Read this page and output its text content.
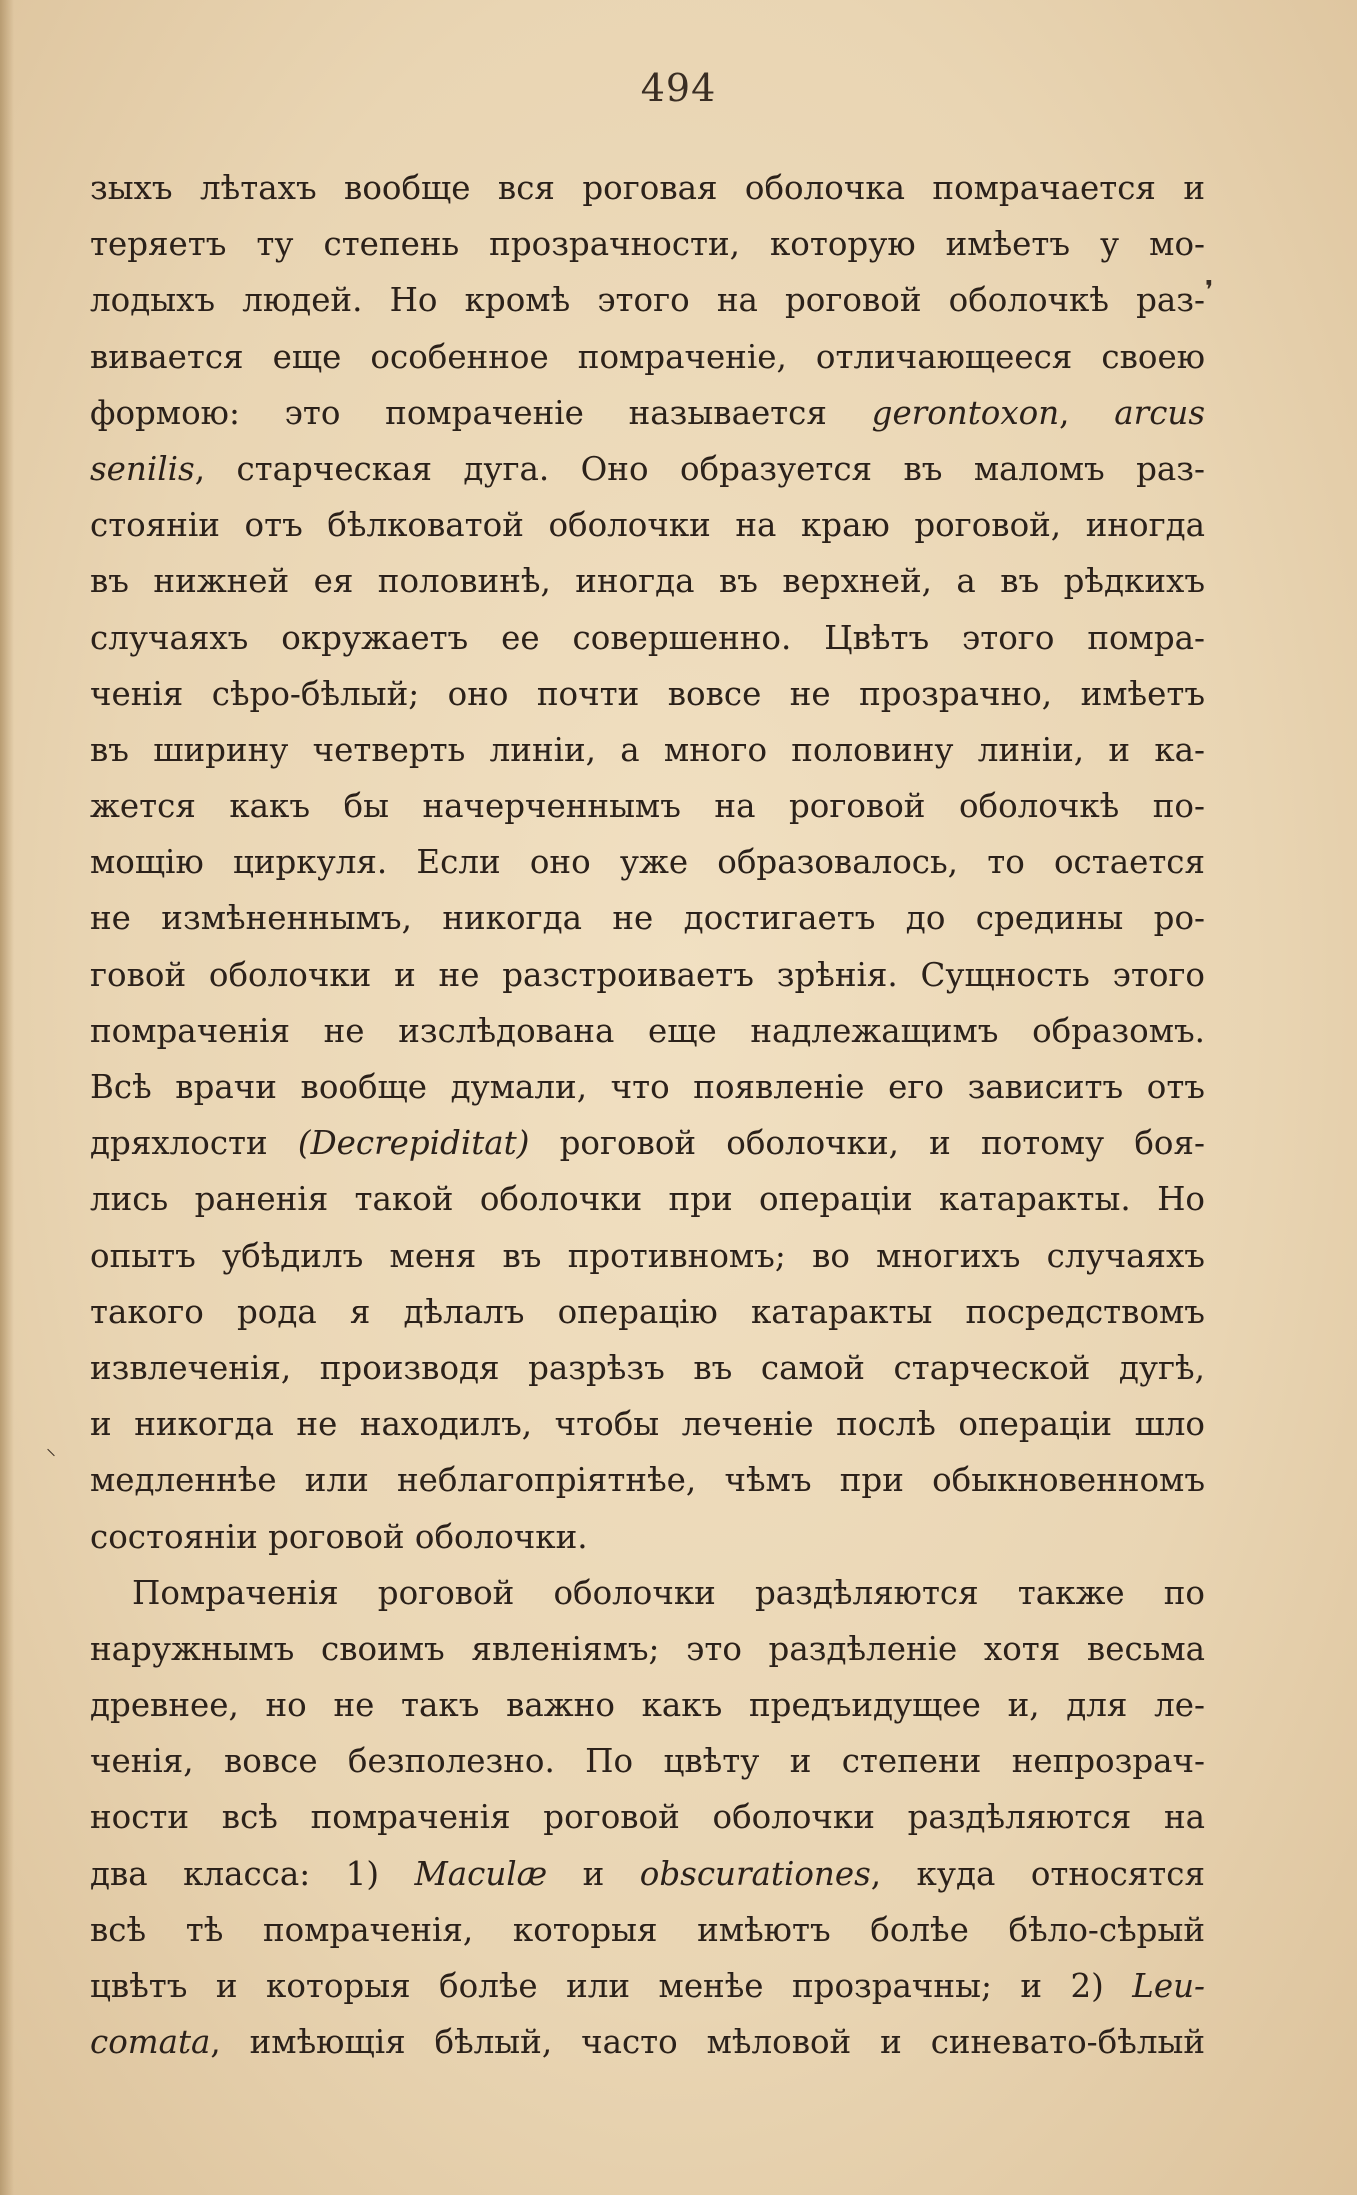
494
зыхъ лѣтахъ вообще вся роговая оболочка помрачается и
теряетъ ту степень прозрачности, которую имѣетъ у мо-
лодыхъ людей. Но кромѣ этого на роговой оболочкѣ раз-
вивается еще особенное помраченіе, отличающееся своею
формою: это помраченіе называется gerontoxon, arcus
senilis, старческая дуга. Оно образуется въ маломъ раз-
стояніи отъ бѣлковатой оболочки на краю роговой, иногда
въ нижней ея половинѣ, иногда въ верхней, а въ рѣдкихъ
случаяхъ окружаетъ ее совершенно. Цвѣтъ этого помра-
ченія сѣро-бѣлый; оно почти вовсе не прозрачно, имѣетъ
въ ширину четверть линіи, а много половину линіи, и ка-
жется какъ бы начерченнымъ на роговой оболочкѣ по-
мощію циркуля. Если оно уже образовалось, то остается
не измѣненнымъ, никогда не достигаетъ до средины ро-
говой оболочки и не разстроиваетъ зрѣнія. Сущность этого
помраченія не изслѣдована еще надлежащимъ образомъ.
Всѣ врачи вообще думали, что появленіе его зависитъ отъ
дряхлости (Decrepiditat) роговой оболочки, и потому боя-
лись раненія такой оболочки при операціи катаракты. Но
опытъ убѣдилъ меня въ противномъ; во многихъ случаяхъ
такого рода я дѣлалъ операцію катаракты посредствомъ
извлеченія, производя разрѣзъ въ самой старческой дугѣ,
и никогда не находилъ, чтобы леченіе послѣ операціи шло
медленнѣе или неблагопріятнѣе, чѣмъ при обыкновенномъ
состояніи роговой оболочки.
Помраченія роговой оболочки раздѣляются также по
наружнымъ своимъ явленіямъ; это раздѣленіе хотя весьма
древнее, но не такъ важно какъ предъидущее и, для ле-
ченія, вовсе безполезно. По цвѣту и степени непрозрач-
ности всѣ помраченія роговой оболочки раздѣляются на
два класса: 1) Maculæ и obscurationes, куда относятся
всѣ тѣ помраченія, которыя имѣютъ болѣе бѣло-сѣрый
цвѣтъ и которыя болѣе или менѣе прозрачны; и 2) Leu-
comata, имѣющія бѣлый, часто мѣловой и синевато-бѣлый
❜
⸌
